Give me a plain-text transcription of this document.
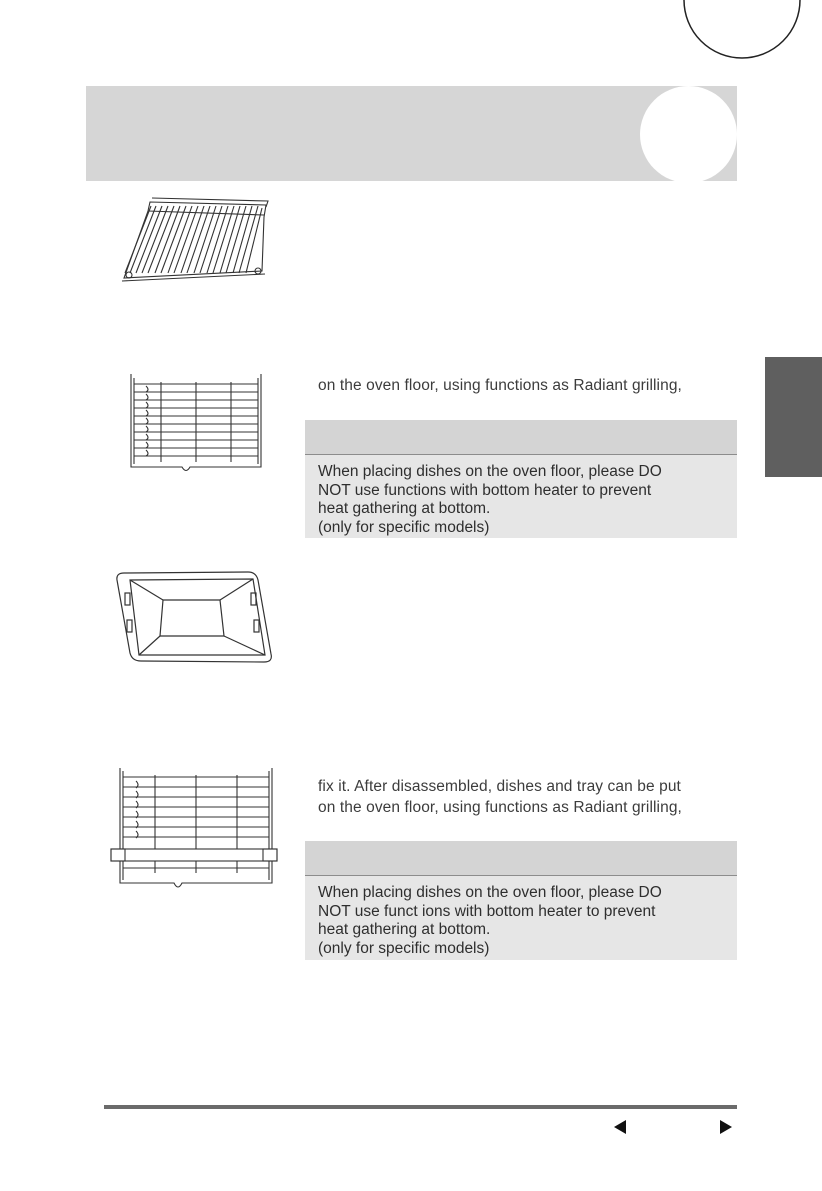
on the oven floor, using functions as Radiant grilling,
When placing dishes on the oven floor, please DO
NOT use functions with bottom heater to prevent
heat gathering at bottom.
(only for specific models)
fix it. After disassembled, dishes and tray can be put
on the oven floor, using functions as Radiant grilling,
When placing dishes on the oven floor, please DO
NOT use funct ions with bottom heater to prevent
heat gathering at bottom.
(only for specific models)
